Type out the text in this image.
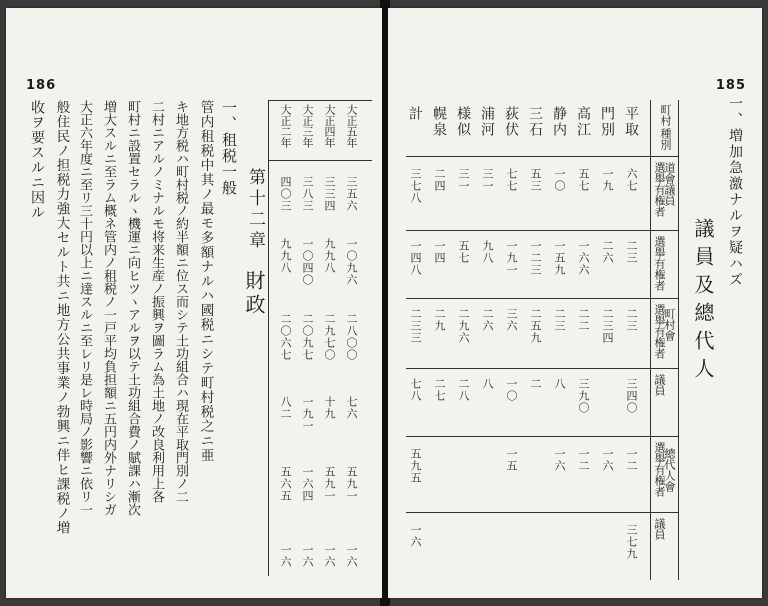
186
大正五年
大正四年
大正三年
大正二年
三五六
三三四
三八三
四〇三
一〇九六
九九八
一〇四〇
九九八
二八〇〇
二九七〇
二〇九七
二〇六七
七六
十九
一九一
八二
五九一
五九一
一六四
五六五
一六
一六
一六
一六
第十二章
財政
一、租税一般
管内租税中其ノ最モ多額ナルハ國税ニシテ町村税之ニ亜
キ地方税ハ町村税ノ約半額ニ位ス而シテ土功組合ハ現在平取門別ノ二
二村ニアルノミナルモ将来生産ノ振興ヲ圖ラム為土地ノ改良利用上各
町村ニ設置セラルヽ機運ニ向ヒツヽアルヲ以テ土功組合費ノ賦課ハ漸次
増大スルニ至ラム概ネ管内ノ租税ノ一戸平均負担額ニ五円内外ナリシガ
大正六年度ニ至リ三十円以上ニ達スルニ至レリ是レ時局ノ影響ニ依リ一
般住民ノ担税力強大セルト共ニ地方公共事業ノ勃興ニ伴ヒ課税ノ増
收ヲ要スルニ因ル
185
一、増加急激ナルヲ疑ハズ
議員及總代人
町村
種別
道會議員
町村會
總代人會
選舉有権者
選舉有権者
選舉有権者
議員
選舉有権者
議員
平取
六七
二三
二三
三四〇
一二
三七九
門別
一九
二六
二三四
一六
高江
五七
一六六
二二
三九〇
一二
静内
一〇
一五九
二三
八
一六
三石
五三
一二三
二五九
二
荻伏
七七
一九一
三六
一〇
一五
浦河
三一
九八
二六
八
様似
三一
五七
二九六
二八
幌泉
二四
一四
二九
二七
計
三七八
一四八
二三三
七八
五九五
一六
